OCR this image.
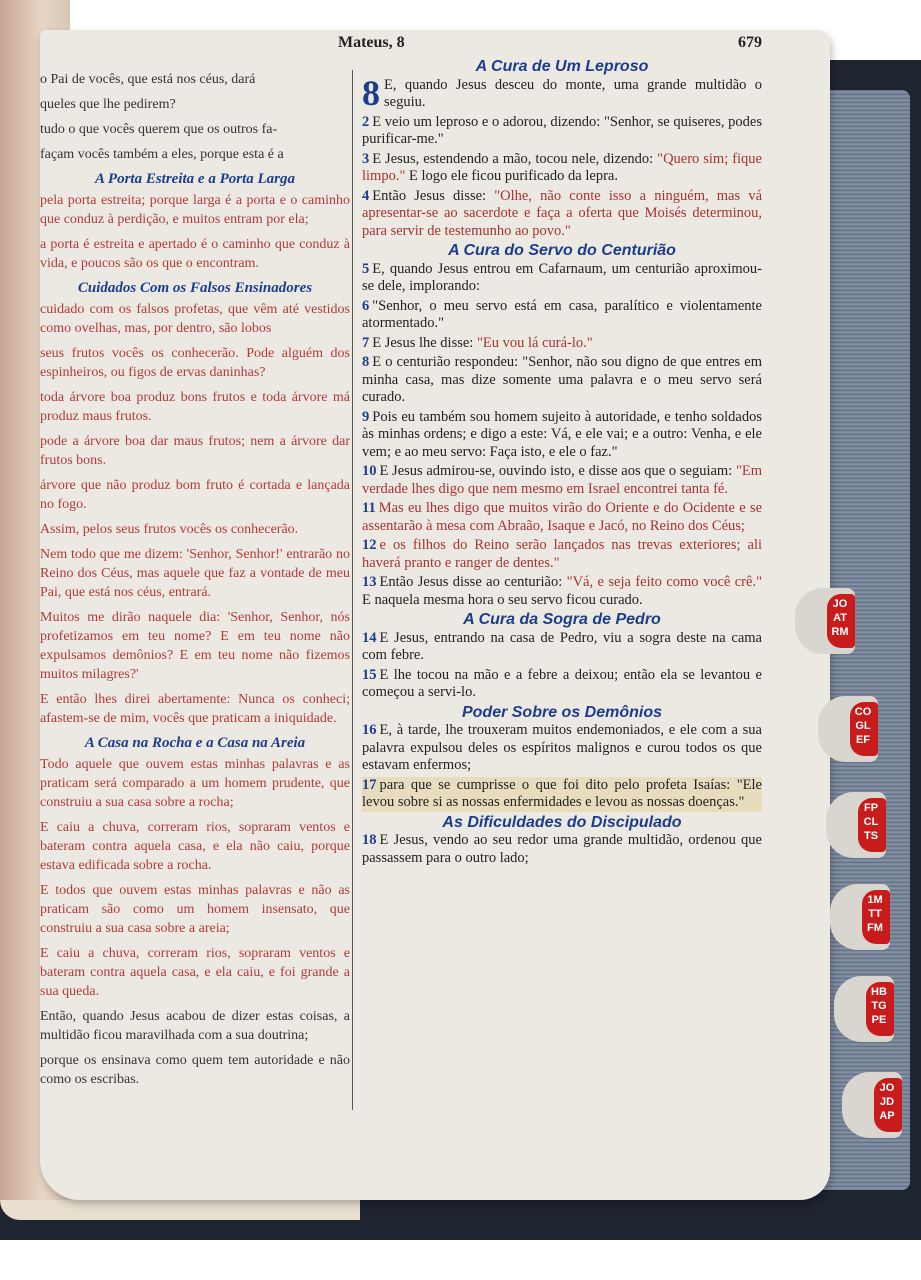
Mateus, 8	679

o Pai de vocês, que está nos céus, dará

queles que lhe pedirem?

tudo o que vocês querem que os outros fa-

façam vocês também a eles, porque esta é a

A Porta Estreita e a Porta Larga

pela porta estreita; porque larga é a porta e o caminho que conduz à perdição, e muitos entram por ela;

a porta é estreita e apertado é o caminho que conduz à vida, e poucos são os que o encontram.

Cuidados Com os Falsos Ensinadores

cuidado com os falsos profetas, que vêm até vestidos como ovelhas, mas, por dentro, são lobos

seus frutos vocês os conhecerão. Pode alguém dos espinheiros, ou figos de ervas daninhas?

toda árvore boa produz bons frutos e toda árvore má produz maus frutos.

pode a árvore boa dar maus frutos; nem a árvore dar frutos bons.

árvore que não produz bom fruto é cortada e lançada no fogo.

Assim, pelos seus frutos vocês os conhecerão.

Nem todo que me dizem: 'Senhor, Senhor!' entrarão no Reino dos Céus, mas aquele que faz a vontade de meu Pai, que está nos céus, entrará.

Muitos me dirão naquele dia: 'Senhor, Senhor, nós profetizamos em teu nome? E em teu nome não expulsamos demônios? E em teu nome não fizemos muitos milagres?'

E então lhes direi abertamente: Nunca os conheci; afastem-se de mim, vocês que praticam a iniquidade.

A Casa na Rocha e a Casa na Areia

Todo aquele que ouvem estas minhas palavras e as praticam será comparado a um homem prudente, que construiu a sua casa sobre a rocha;

E caiu a chuva, correram rios, sopraram ventos e bateram contra aquela casa, e ela não caiu, porque estava edificada sobre a rocha.

E todos que ouvem estas minhas palavras e não as praticam são como um homem insensato, que construiu a sua casa sobre a areia;

E caiu a chuva, correram rios, sopraram ventos e bateram contra aquela casa, e ela caiu, e foi grande a sua queda.

Então, quando Jesus acabou de dizer estas coisas, a multidão ficou maravilhada com a sua doutrina;

porque os ensinava como quem tem autoridade e não como os escribas.

A Cura de Um Leproso

8 E, quando Jesus desceu do monte, uma grande multidão o seguiu.

2 E veio um leproso e o adorou, dizendo: "Senhor, se quiseres, podes purificar-me."

3 E Jesus, estendendo a mão, tocou nele, dizendo: "Quero sim; fique limpo." E logo ele ficou purificado da lepra.

4 Então Jesus disse: "Olhe, não conte isso a ninguém, mas vá apresentar-se ao sacerdote e faça a oferta que Moisés determinou, para servir de testemunho ao povo."

A Cura do Servo do Centurião

5 E, quando Jesus entrou em Cafarnaum, um centurião aproximou-se dele, implorando:

6 "Senhor, o meu servo está em casa, paralítico e violentamente atormentado."

7 E Jesus lhe disse: "Eu vou lá curá-lo."

8 E o centurião respondeu: "Senhor, não sou digno de que entres em minha casa, mas dize somente uma palavra e o meu servo será curado.

9 Pois eu também sou homem sujeito à autoridade, e tenho soldados às minhas ordens; e digo a este: Vá, e ele vai; e a outro: Venha, e ele vem; e ao meu servo: Faça isto, e ele o faz."

10 E Jesus admirou-se, ouvindo isto, e disse aos que o seguiam: "Em verdade lhes digo que nem mesmo em Israel encontrei tanta fé.

11 Mas eu lhes digo que muitos virão do Oriente e do Ocidente e se assentarão à mesa com Abraão, Isaque e Jacó, no Reino dos Céus;

12 e os filhos do Reino serão lançados nas trevas exteriores; ali haverá pranto e ranger de dentes."

13 Então Jesus disse ao centurião: "Vá, e seja feito como você crê." E naquela mesma hora o seu servo ficou curado.

A Cura da Sogra de Pedro

14 E Jesus, entrando na casa de Pedro, viu a sogra deste na cama com febre.

15 E lhe tocou na mão e a febre a deixou; então ela se levantou e começou a servi-lo.

Poder Sobre os Demônios

16 E, à tarde, lhe trouxeram muitos endemoniados, e ele com a sua palavra expulsou deles os espíritos malignos e curou todos os que estavam enfermos;

17 para que se cumprisse o que foi dito pelo profeta Isaías: "Ele levou sobre si as nossas enfermidades e levou as nossas doenças."

As Dificuldades do Discipulado

18 E Jesus, vendo ao seu redor uma grande multidão, ordenou que passassem para o outro lado;

JO
AT
RM
CO
GL
EF
FP
CL
TS
1M
TT
FM
HB
TG
PE
JO
JD
AP
